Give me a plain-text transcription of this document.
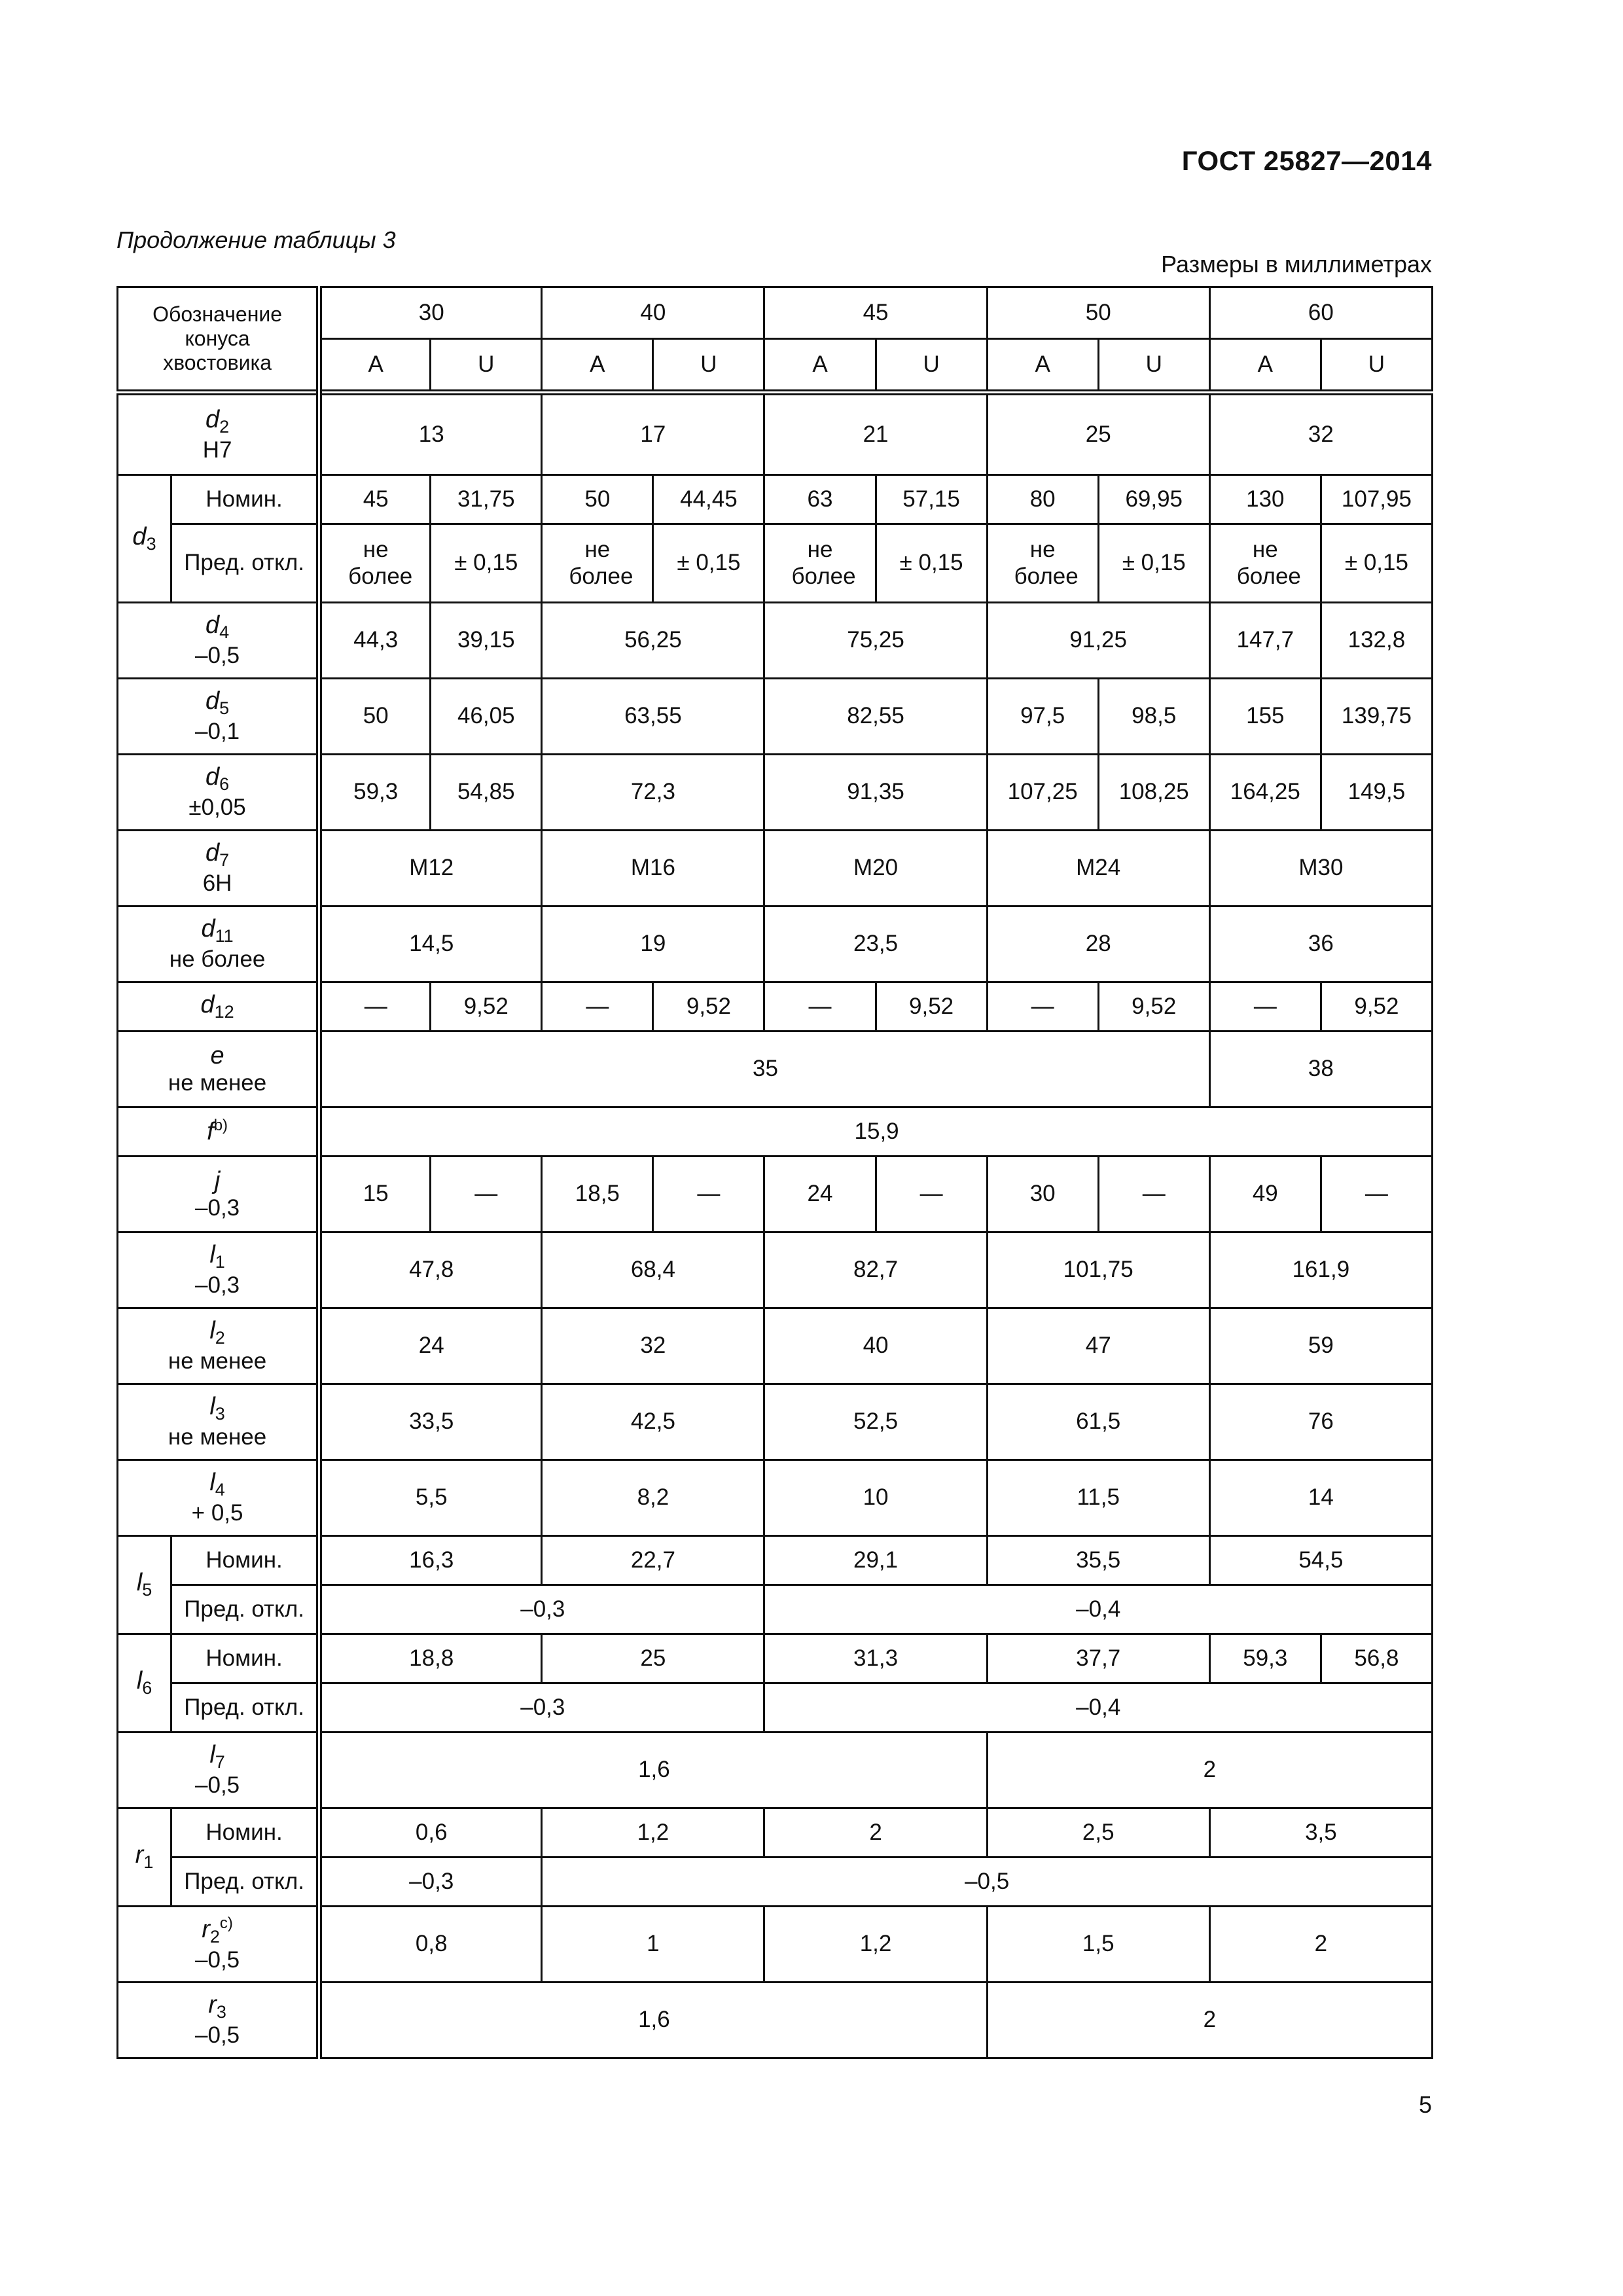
ГОСТ 25827—2014
Продолжение таблицы 3
Размеры в миллиметрах
Обозначение конуса хвостовика		30		40		45		50		60	
		A	U	A	U	A	U	A	U	A	U
$d_2$
H7		13		17		21		25		32	
$d_3$	Номин.	45	31,75	50	44,45	63	57,15	80	69,95	130	107,95
	Пред. откл.	не более	± 0,15	не более	± 0,15	не более	± 0,15	не более	± 0,15	не более	± 0,15
$d_4$
–0,5		44,3	39,15	56,25		75,25		91,25		147,7	132,8
$d_5$
–0,1		50	46,05	63,55		82,55		97,5	98,5	155	139,75
$d_6$
±0,05		59,3	54,85	72,3		91,35		107,25	108,25	164,25	149,5
$d_7$
6H		M12		M16		M20		M24		M30	
$d_{11}$
не более		14,5		19		23,5		28		36	
$d_{12}$		—	9,52	—	9,52	—	9,52	—	9,52	—	9,52
e
не менее		35								38	
$f^{b)}$		15,9									
j
–0,3		15	—	18,5	—	24	—	30	—	49	—
$l_1$
–0,3		47,8		68,4		82,7		101,75		161,9	
$l_2$
не менее		24		32		40		47		59	
$l_3$
не менее		33,5		42,5		52,5		61,5		76	
$l_4$
+ 0,5		5,5		8,2		10		11,5		14	
$l_5$	Номин.	16,3		22,7		29,1		35,5		54,5	
	Пред. откл.	–0,3				–0,4					
$l_6$	Номин.	18,8		25		31,3		37,7		59,3	56,8
	Пред. откл.	–0,3				–0,4					
$l_7$
–0,5		1,6						2			
$r_1$	Номин.	0,6		1,2		2		2,5		3,5	
	Пред. откл.	–0,3		–0,5							
$r_2^{c)}$
–0,5		0,8		1		1,2		1,5		2	
$r_3$
–0,5		1,6						2			
5
